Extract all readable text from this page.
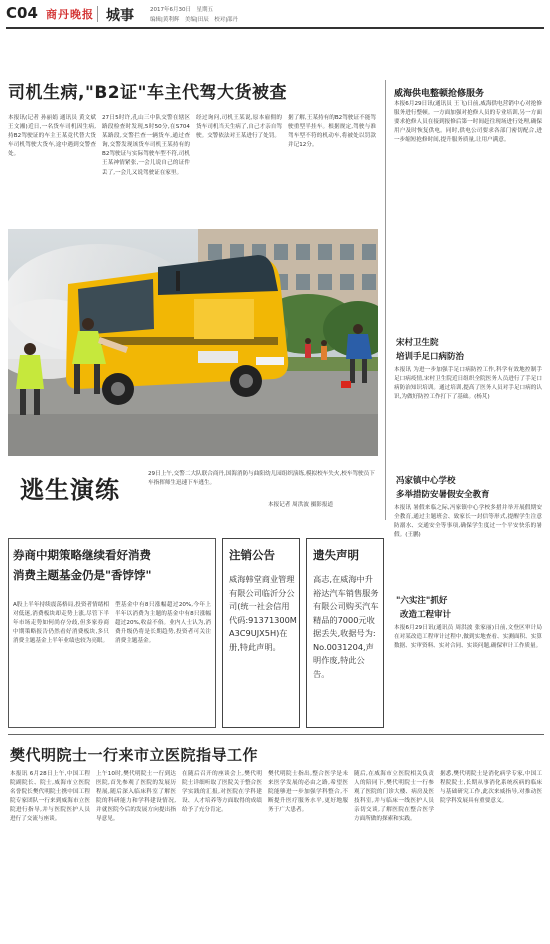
C04 商丹晚报 城事	2017年6月30日　星期五
编辑|黄利辉　美编|田辰　校对|邵丹
司机生病,"B2证"车主代驾大货被查
本报讯(记者 孙丽娟 通讯员 黄文斌 王文湘)近日,一名货车司机因生病,持B2驾驶证的车主王某竟代替大货车司机驾驶大货车,途中遇到交警查处。
27日5时许,孔山三中队交警在辖区路段检查时发现,5时50分,在S704某路段,交警拦查一辆货车,通过查询,交警发现该货车司机王某持有的B2驾驶证与实际驾驶车型不符,司机王某神情紧张,一会儿说自己的证件丢了,一会儿又说驾驶证在家里。
经过询问,司机王某说,原本雇佣的货车司机当天生病了,自己才亲自驾驶。交警依法对王某进行了处罚。
据了解,王某持有的B2驾驶证不能驾驶重型半挂车。根据规定,驾驶与准驾车型不符的机动车,将被处以罚款并记12分。
逃生演练
29日上午,交警二大队联合商丹,国海消防与曲阳幼儿园组织演练,模拟校车失火,校车驾驶员下车指挥师生迅速下车逃生。
本报记者 周洪波 摄影报道
威海供电整顿抢修服务
本报6月29日讯(通讯员 王飞)日前,威海供电营销中心对抢修服务进行整顿。一方面加强对抢修人员的专业培训,另一方面要求抢修人员在接到报修后第一时间赶往现场进行处理,确保用户及时恢复供电。同时,供电公司要求各部门密切配合,进一步缩短抢修时间,提升服务质量,让用户满意。
宋村卫生院
培训手足口病防治
本报讯 为进一步加强手足口病防控工作,科学有效地控制手足口病疫情,宋村卫生院近日组织全院医务人员进行了手足口病防治知识培训。通过培训,提高了医务人员对手足口病的认识,为做好防控工作打下了基础。(杨芃)
冯家镇中心学校
多举措防安暑假安全教育
本报讯 暑假来临之际,冯家镇中心学校多措并举开展假期安全教育,通过主题班会、致家长一封信等形式,提醒学生注意防溺水、交通安全等事项,确保学生度过一个平安快乐的暑假。(王鹏)
"六实注"抓好
改造工程审计
本报6月29日讯(通讯员 周洪波 张家丽)日前,文登区审计局在对某改造工程审计过程中,做到实地查看、实测面积、实算数据、实审资料、实对合同、实谈问题,确保审计工作质量。
券商中期策略继续看好消费
消费主题基金仍是"香饽饽"
A股上半年持续震荡格局,投资者情绪相对低迷,消费板块却走势上涨,尽管下半年市场走势如何尚存分歧,但多家券商中期策略报告仍然看好消费板块,多只消费主题基金上半年业绩也较为亮眼。
型基金中有8只涨幅超过20%,今年上半年以消费为主题的基金中有8只涨幅超过20%,收益不俗。业内人士认为,消费升级仍将是长期趋势,投资者可关注消费主题基金。
注销公告
威海韩堂商业管理有限公司临沂分公司(统一社会信用代码:91371300MA3C9UJX5H)在册,特此声明。
遗失声明
高志,在威海中升裕达汽车销售服务有限公司购买汽车精品的7000元收据丢失,收据号为:No.0031204,声明作废,特此公告。
樊代明院士一行来市立医院指导工作
本报讯 6月28日上午,中国工程院副院长、院士,威海市立医院名誉院长樊代明院士携中国工程院专家团队一行来到威海市立医院进行指导,并与医院医护人员进行了交流与座谈。
上午10时,樊代明院士一行到达医院,首先参观了医院的发展历程展,随后深入临床科室了解医院的科研能力和学科建设情况,并就医院今后的发展方向提出指导意见。
在随后召开的座谈会上,樊代明院士详细听取了医院关于整合医学实践的汇报,对医院在学科建设、人才培养等方面取得的成绩给予了充分肯定。
樊代明院士指出,整合医学是未来医学发展的必由之路,希望医院能够进一步加强学科整合,不断提升医疗服务水平,更好地服务于广大患者。
随后,在威海市立医院相关负责人的陪同下,樊代明院士一行参观了医院的门诊大楼、病房及医技科室,并与临床一线医护人员亲切交谈,了解医院在整合医学方面所做的探索和实践。
据悉,樊代明院士是消化病学专家,中国工程院院士,长期从事消化系统疾病的临床与基础研究工作,此次来威指导,对推动医院学科发展具有重要意义。
